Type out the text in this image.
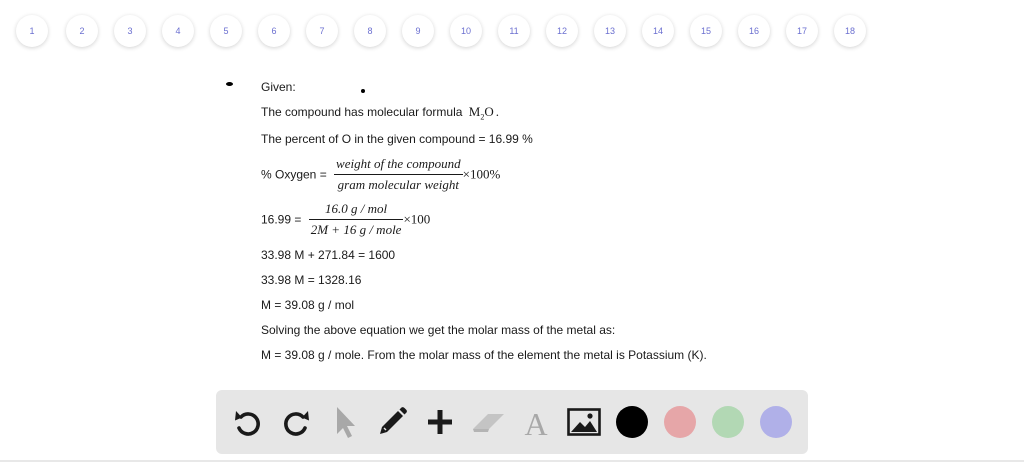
1	2	3	4	5	6	7	8	9	10	11	12	13	14	15	16	17	18
Given:
The compound has molecular formula $M_2O$ .
The percent of O in the given compound = 16.99 %
% Oxygen = $\frac{\text{weight of the compound}}{\text{gram molecular weight}} \times 100\%$
$16.99 = \frac{\text{16.0 g / mol}}{\text{2M + 16 g / mole}} \times 100$
33.98 M + 271.84 = 1600
33.98 M = 1328.16
M = 39.08 g / mol
Solving the above equation we get the molar mass of the metal as:
M = 39.08 g / mole. From the molar mass of the element the metal is Potassium (K).
A
